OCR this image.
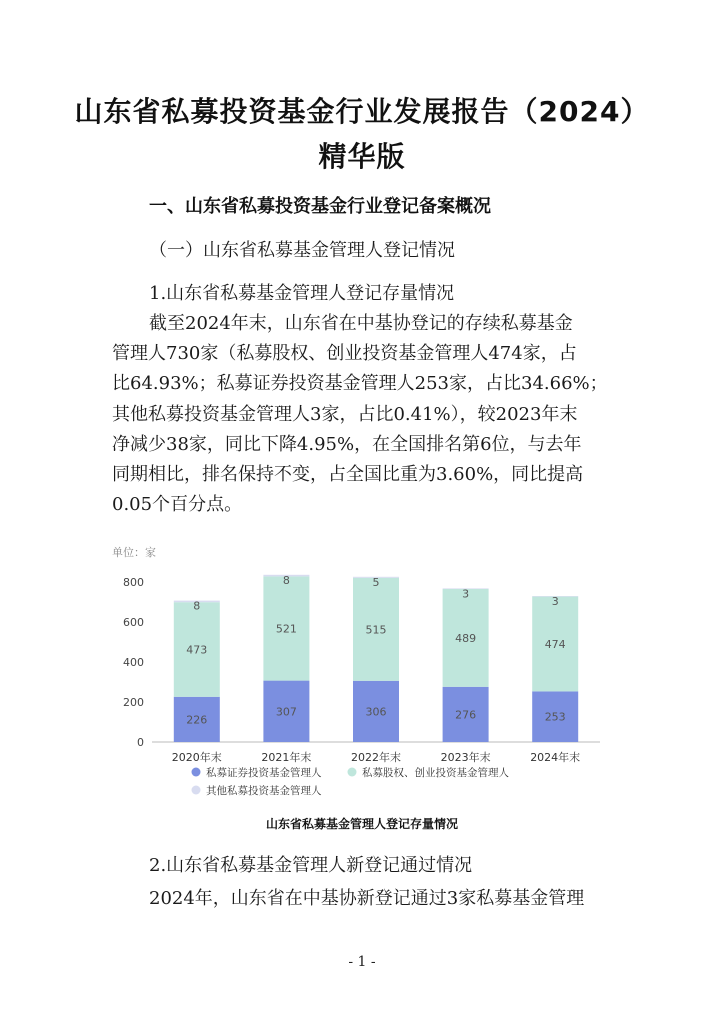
山东省私募投资基金行业发展报告（2024）
精华版
一、山东省私募投资基金行业登记备案概况
（一）山东省私募基金管理人登记情况
1.山东省私募基金管理人登记存量情况
截至2024年末，山东省在中基协登记的存续私募基金
管理人730家（私募股权、创业投资基金管理人474家，占
比64.93%；私募证券投资基金管理人253家，占比34.66%；
其他私募投资基金管理人3家，占比0.41%），较2023年末
净减少38家，同比下降4.95%，在全国排名第6位，与去年
同期相比，排名保持不变，占全国比重为3.60%，同比提高
0.05个百分点。
单位：家
0
200
400
600
800
226
473
8
2020年末
307
521
8
2021年末
306
515
5
2022年末
276
489
3
2023年末
253
474
3
2024年末
私募证券投资基金管理人	私募股权、创业投资基金管理人
其他私募投资基金管理人
山东省私募基金管理人登记存量情况
2.山东省私募基金管理人新登记通过情况
2024年，山东省在中基协新登记通过3家私募基金管理
- 1 -
